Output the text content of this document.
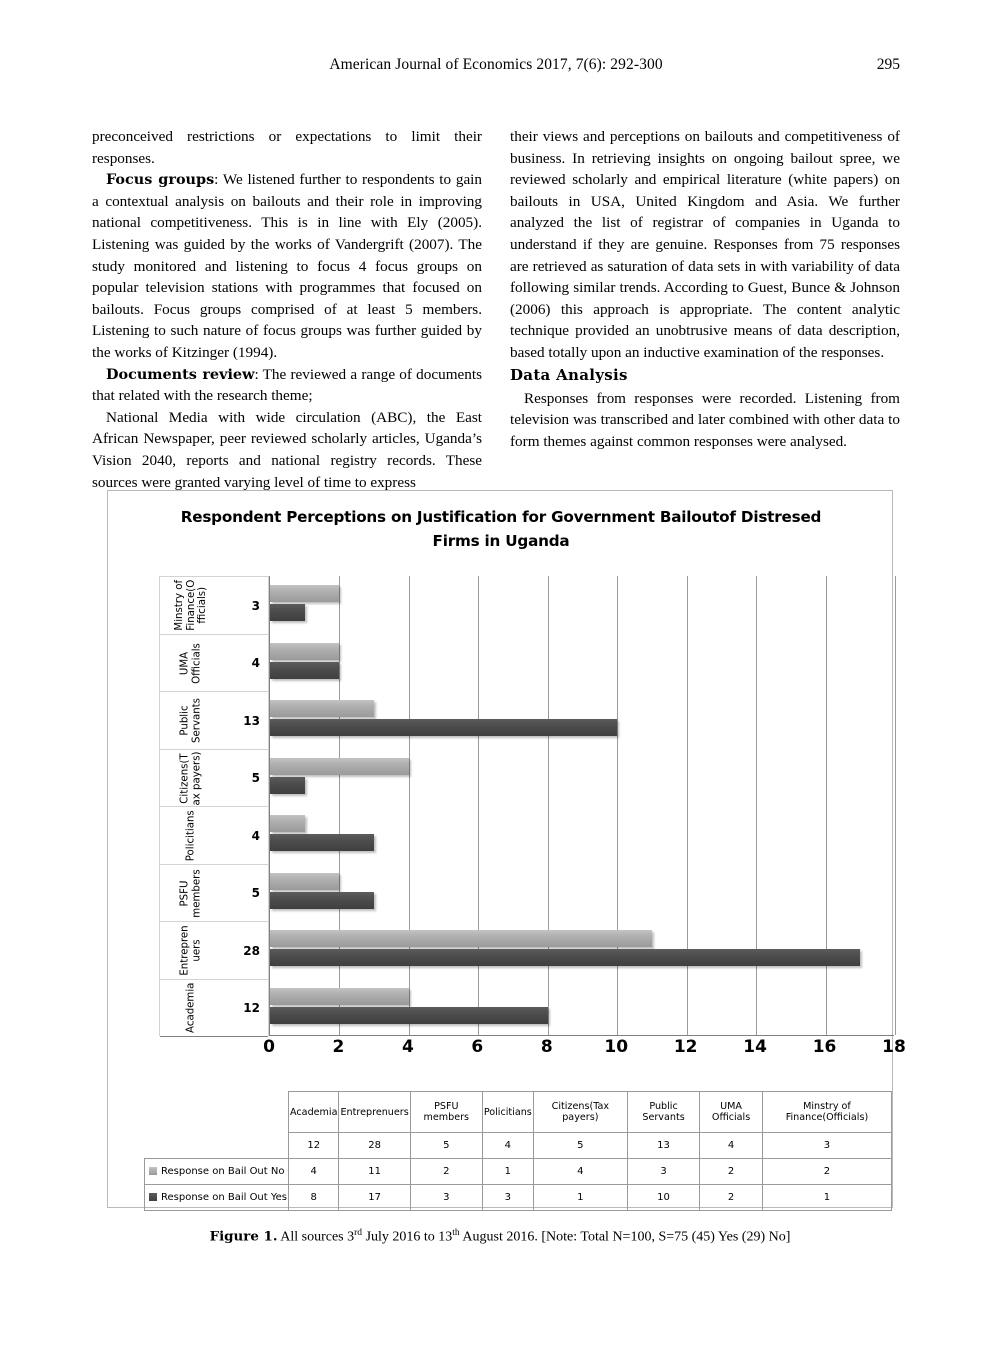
American Journal of Economics 2017, 7(6): 292-300	295

preconceived restrictions or expectations to limit their responses.

Focus groups: We listened further to respondents to gain a contextual analysis on bailouts and their role in improving national competitiveness. This is in line with Ely (2005). Listening was guided by the works of Vandergrift (2007). The study monitored and listening to focus 4 focus groups on popular television stations with programmes that focused on bailouts. Focus groups comprised of at least 5 members. Listening to such nature of focus groups was further guided by the works of Kitzinger (1994).

Documents review: The reviewed a range of documents that related with the research theme;

National Media with wide circulation (ABC), the East African Newspaper, peer reviewed scholarly articles, Uganda’s Vision 2040, reports and national registry records. These sources were granted varying level of time to express

their views and perceptions on bailouts and competitiveness of business. In retrieving insights on ongoing bailout spree, we reviewed scholarly and empirical literature (white papers) on bailouts in USA, United Kingdom and Asia. We further analyzed the list of registrar of companies in Uganda to understand if they are genuine. Responses from 75 responses are retrieved as saturation of data sets in with variability of data following similar trends. According to Guest, Bunce & Johnson (2006) this approach is appropriate. The content analytic technique provided an unobtrusive means of data description, based totally upon an inductive examination of the responses.

Data Analysis

Responses from responses were recorded. Listening from television was transcribed and later combined with other data to form themes against common responses were analysed.

Respondent Perceptions on Justification for Government Bailoutof Distresed Firms in Uganda
Minstry of Finance(O fficials)	3
UMA Officials	4
Public Servants	13
Citizens(T ax payers)	5
Policitians	4
PSFU members	5
Entrepren uers	28
Academia	12
0	2	4	6	8	10	12	14	16	18
	Academia	Entreprenuers	PSFU members	Policitians	Citizens(Tax payers)	Public Servants	UMA Officials	Minstry of Finance(Officials)
	12	28	5	4	5	13	4	3
Response on Bail Out No	4	11	2	1	4	3	2	2
Response on Bail Out Yes	8	17	3	3	1	10	2	1
Figure 1. All sources 3rd July 2016 to 13th August 2016. [Note: Total N=100, S=75 (45) Yes (29) No]
